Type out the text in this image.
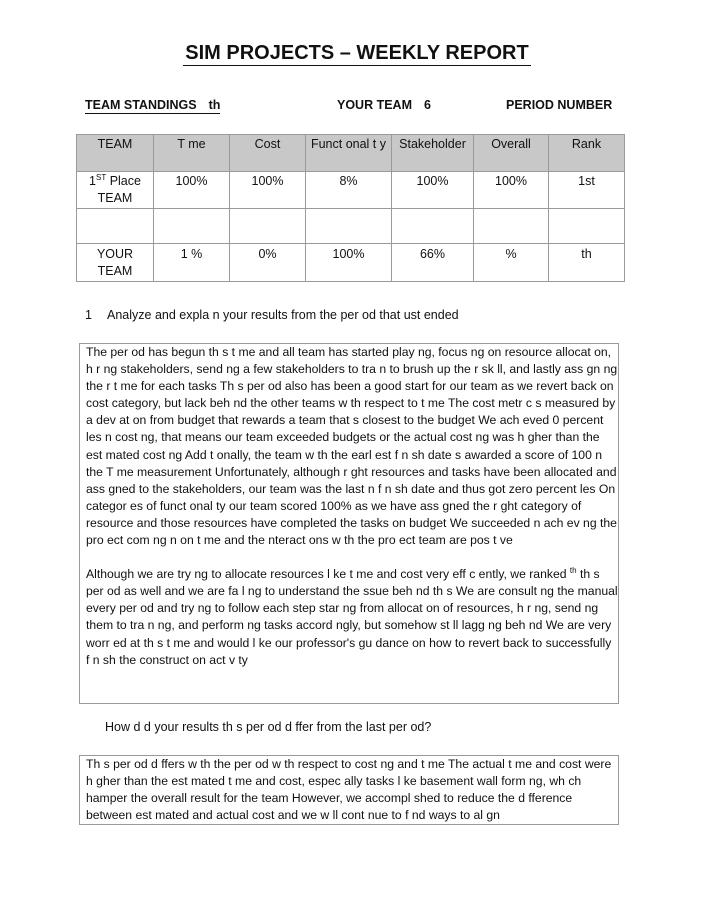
SIM PROJECTS – WEEKLY REPORT
TEAM STANDINGS th	YOUR TEAM 6	PERIOD NUMBER
TEAM	T me	Cost	Funct onal t y	Stakeholder	Overall	Rank
1ST Place TEAM	100%	100%	8%	100%	100%	1st

YOUR TEAM	1 %	0%	100%	66%	%	th
1 Analyze and expla n your results from the per od that ust ended

The per od has begun th s t me and all team has started play ng, focus ng on resource allocat on, h r ng stakeholders, send ng a few stakeholders to tra n to brush up the r sk ll, and lastly ass gn ng the r t me for each tasks Th s per od also has been a good start for our team as we revert back on cost category, but lack beh nd the other teams w th respect to t me The cost metr c s measured by a dev at on from budget that rewards a team that s closest to the budget We ach eved 0 percent les n cost ng, that means our team exceeded budgets or the actual cost ng was h gher than the est mated cost ng Add t onally, the team w th the earl est f n sh date s awarded a score of 100 n the T me measurement Unfortunately, although r ght resources and tasks have been allocated and ass gned to the stakeholders, our team was the last n f n sh date and thus got zero percent les On categor es of funct onal ty our team scored 100% as we have ass gned the r ght category of resource and those resources have completed the tasks on budget We succeeded n ach ev ng the pro ect com ng n on t me and the nteract ons w th the pro ect team are pos t ve

Although we are try ng to allocate resources l ke t me and cost very eff c ently, we ranked $^{th}$ th s per od as well and we are fa l ng to understand the ssue beh nd th s We are consult ng the manual every per od and try ng to follow each step star ng from allocat on of resources, h r ng, send ng them to tra n ng, and perform ng tasks accord ngly, but somehow st ll lagg ng beh nd We are very worr ed at th s t me and would l ke our professor's gu dance on how to revert back to successfully f n sh the construct on act v ty

How d d your results th s per od d ffer from the last per od?

Th s per od d ffers w th the per od w th respect to cost ng and t me The actual t me and cost were h gher than the est mated t me and cost, espec ally tasks l ke basement wall form ng, wh ch hamper the overall result for the team However, we accompl shed to reduce the d fference between est mated and actual cost and we w ll cont nue to f nd ways to al gn
